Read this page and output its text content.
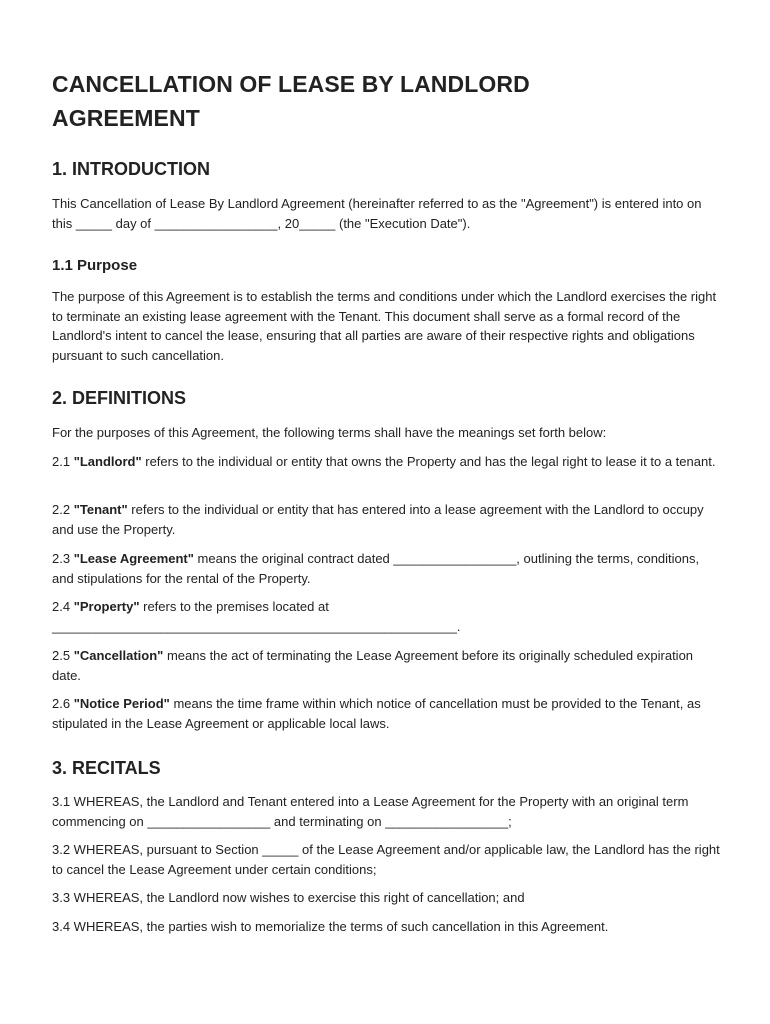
CANCELLATION OF LEASE BY LANDLORD AGREEMENT
1. INTRODUCTION

This Cancellation of Lease By Landlord Agreement (hereinafter referred to as the "Agreement") is entered into on this _____ day of _________________, 20_____ (the "Execution Date").

1.1 Purpose

The purpose of this Agreement is to establish the terms and conditions under which the Landlord exercises the right to terminate an existing lease agreement with the Tenant. This document shall serve as a formal record of the Landlord's intent to cancel the lease, ensuring that all parties are aware of their respective rights and obligations pursuant to such cancellation.

2. DEFINITIONS

For the purposes of this Agreement, the following terms shall have the meanings set forth below:

2.1 "Landlord" refers to the individual or entity that owns the Property and has the legal right to lease it to a tenant.

2.2 "Tenant" refers to the individual or entity that has entered into a lease agreement with the Landlord to occupy and use the Property.

2.3 "Lease Agreement" means the original contract dated _________________, outlining the terms, conditions, and stipulations for the rental of the Property.

2.4 "Property" refers to the premises located at ________________________________________________________.

2.5 "Cancellation" means the act of terminating the Lease Agreement before its originally scheduled expiration date.

2.6 "Notice Period" means the time frame within which notice of cancellation must be provided to the Tenant, as stipulated in the Lease Agreement or applicable local laws.

3. RECITALS

3.1 WHEREAS, the Landlord and Tenant entered into a Lease Agreement for the Property with an original term commencing on _________________ and terminating on _________________;

3.2 WHEREAS, pursuant to Section _____ of the Lease Agreement and/or applicable law, the Landlord has the right to cancel the Lease Agreement under certain conditions;

3.3 WHEREAS, the Landlord now wishes to exercise this right of cancellation; and

3.4 WHEREAS, the parties wish to memorialize the terms of such cancellation in this Agreement.
